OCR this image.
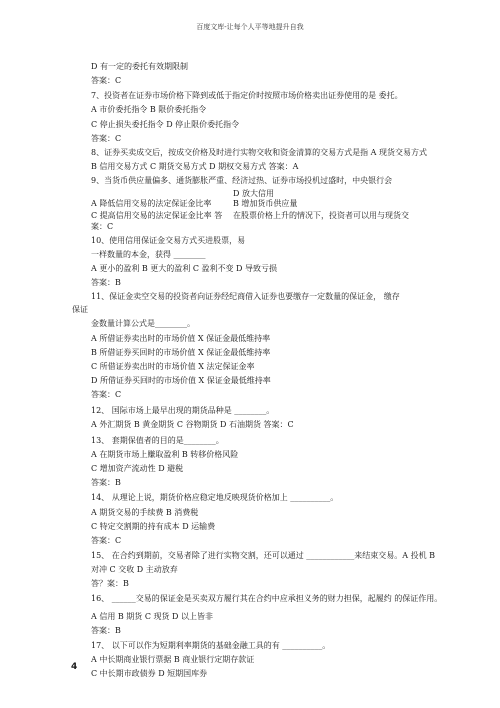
百度文库-让每个人平等地提升自我
D 有一定的委托有效期限制
答案：C
7、投资者在证券市场价格下降到或低于指定价时按照市场价格卖出证券使用的是 委托。
A 市价委托指令 B 限价委托指令
C 停止损失委托指令 D 停止限价委托指令
答案：C
8、证券买卖成交后，按成交价格及时进行实物交收和资金清算的交易方式是指 A 现货交易方式
B 信用交易方式 C 期货交易方式 D 期权交易方式 答案：A
9、当货币供应量偏多、通货膨胀严重、经济过热、证券市场投机过盛时，中央银行会
D 放大信用
A 降低信用交易的法定保证金比率	B 增加货币供应量
C 提高信用交易的法定保证金比率 答 在股票价格上升的情况下，投资者可以用与现货交
案：C
10、使用信用保证金交易方式买进股票，易
一样数量的本金，获得 ________
A 更小的盈利 B 更大的盈利 C 盈利不变 D 导致亏损
答案：B
11、保证金卖空交易的投资者向证券经纪商借入证券也要缴存一定数量的保证金， 缴存
保证
金数量计算公式是________。
A 所借证券卖出时的市场价值 X 保证金最低维持率
B 所借证券买回时的市场价值 X 保证金最低维持率
C 所借证券卖出时的市场价值 X 法定保证金率
D 所借证券买回时的市场价值 X 保证金最低维持率
答案：C
12、 国际市场上最早出现的期货品种是 ________。
A 外汇期货 B 黄金期货 C 谷物期货 D 石油期货 答案：C
13、 套期保值者的目的是________。
A 在期货市场上赚取盈利 B 转移价格风险
C 增加资产流动性 D 避税
答案：B
14、 从理论上说，期货价格应稳定地反映现货价格加上 __________。
A 期货交易的手续费 B 消费税
C 特定交割期的持有成本 D 运输费
答案：C
15、 在合约到期前，交易者除了进行实物交割，还可以通过 ____________来结束交易。A 投机 B
对冲 C 交收 D 主动放弃
答？案：B
16、 ______交易的保证金是买卖双方履行其在合约中应承担义务的财力担保，起履约 的保证作用。
A 信用 B 期货 C 现货 D 以上皆非
答案：B
17、 以下可以作为短期利率期货的基础金融工具的有 __________。
A 中长期商业银行票据 B 商业银行定期存款证
C 中长期市政债券 D 短期国库券
4
